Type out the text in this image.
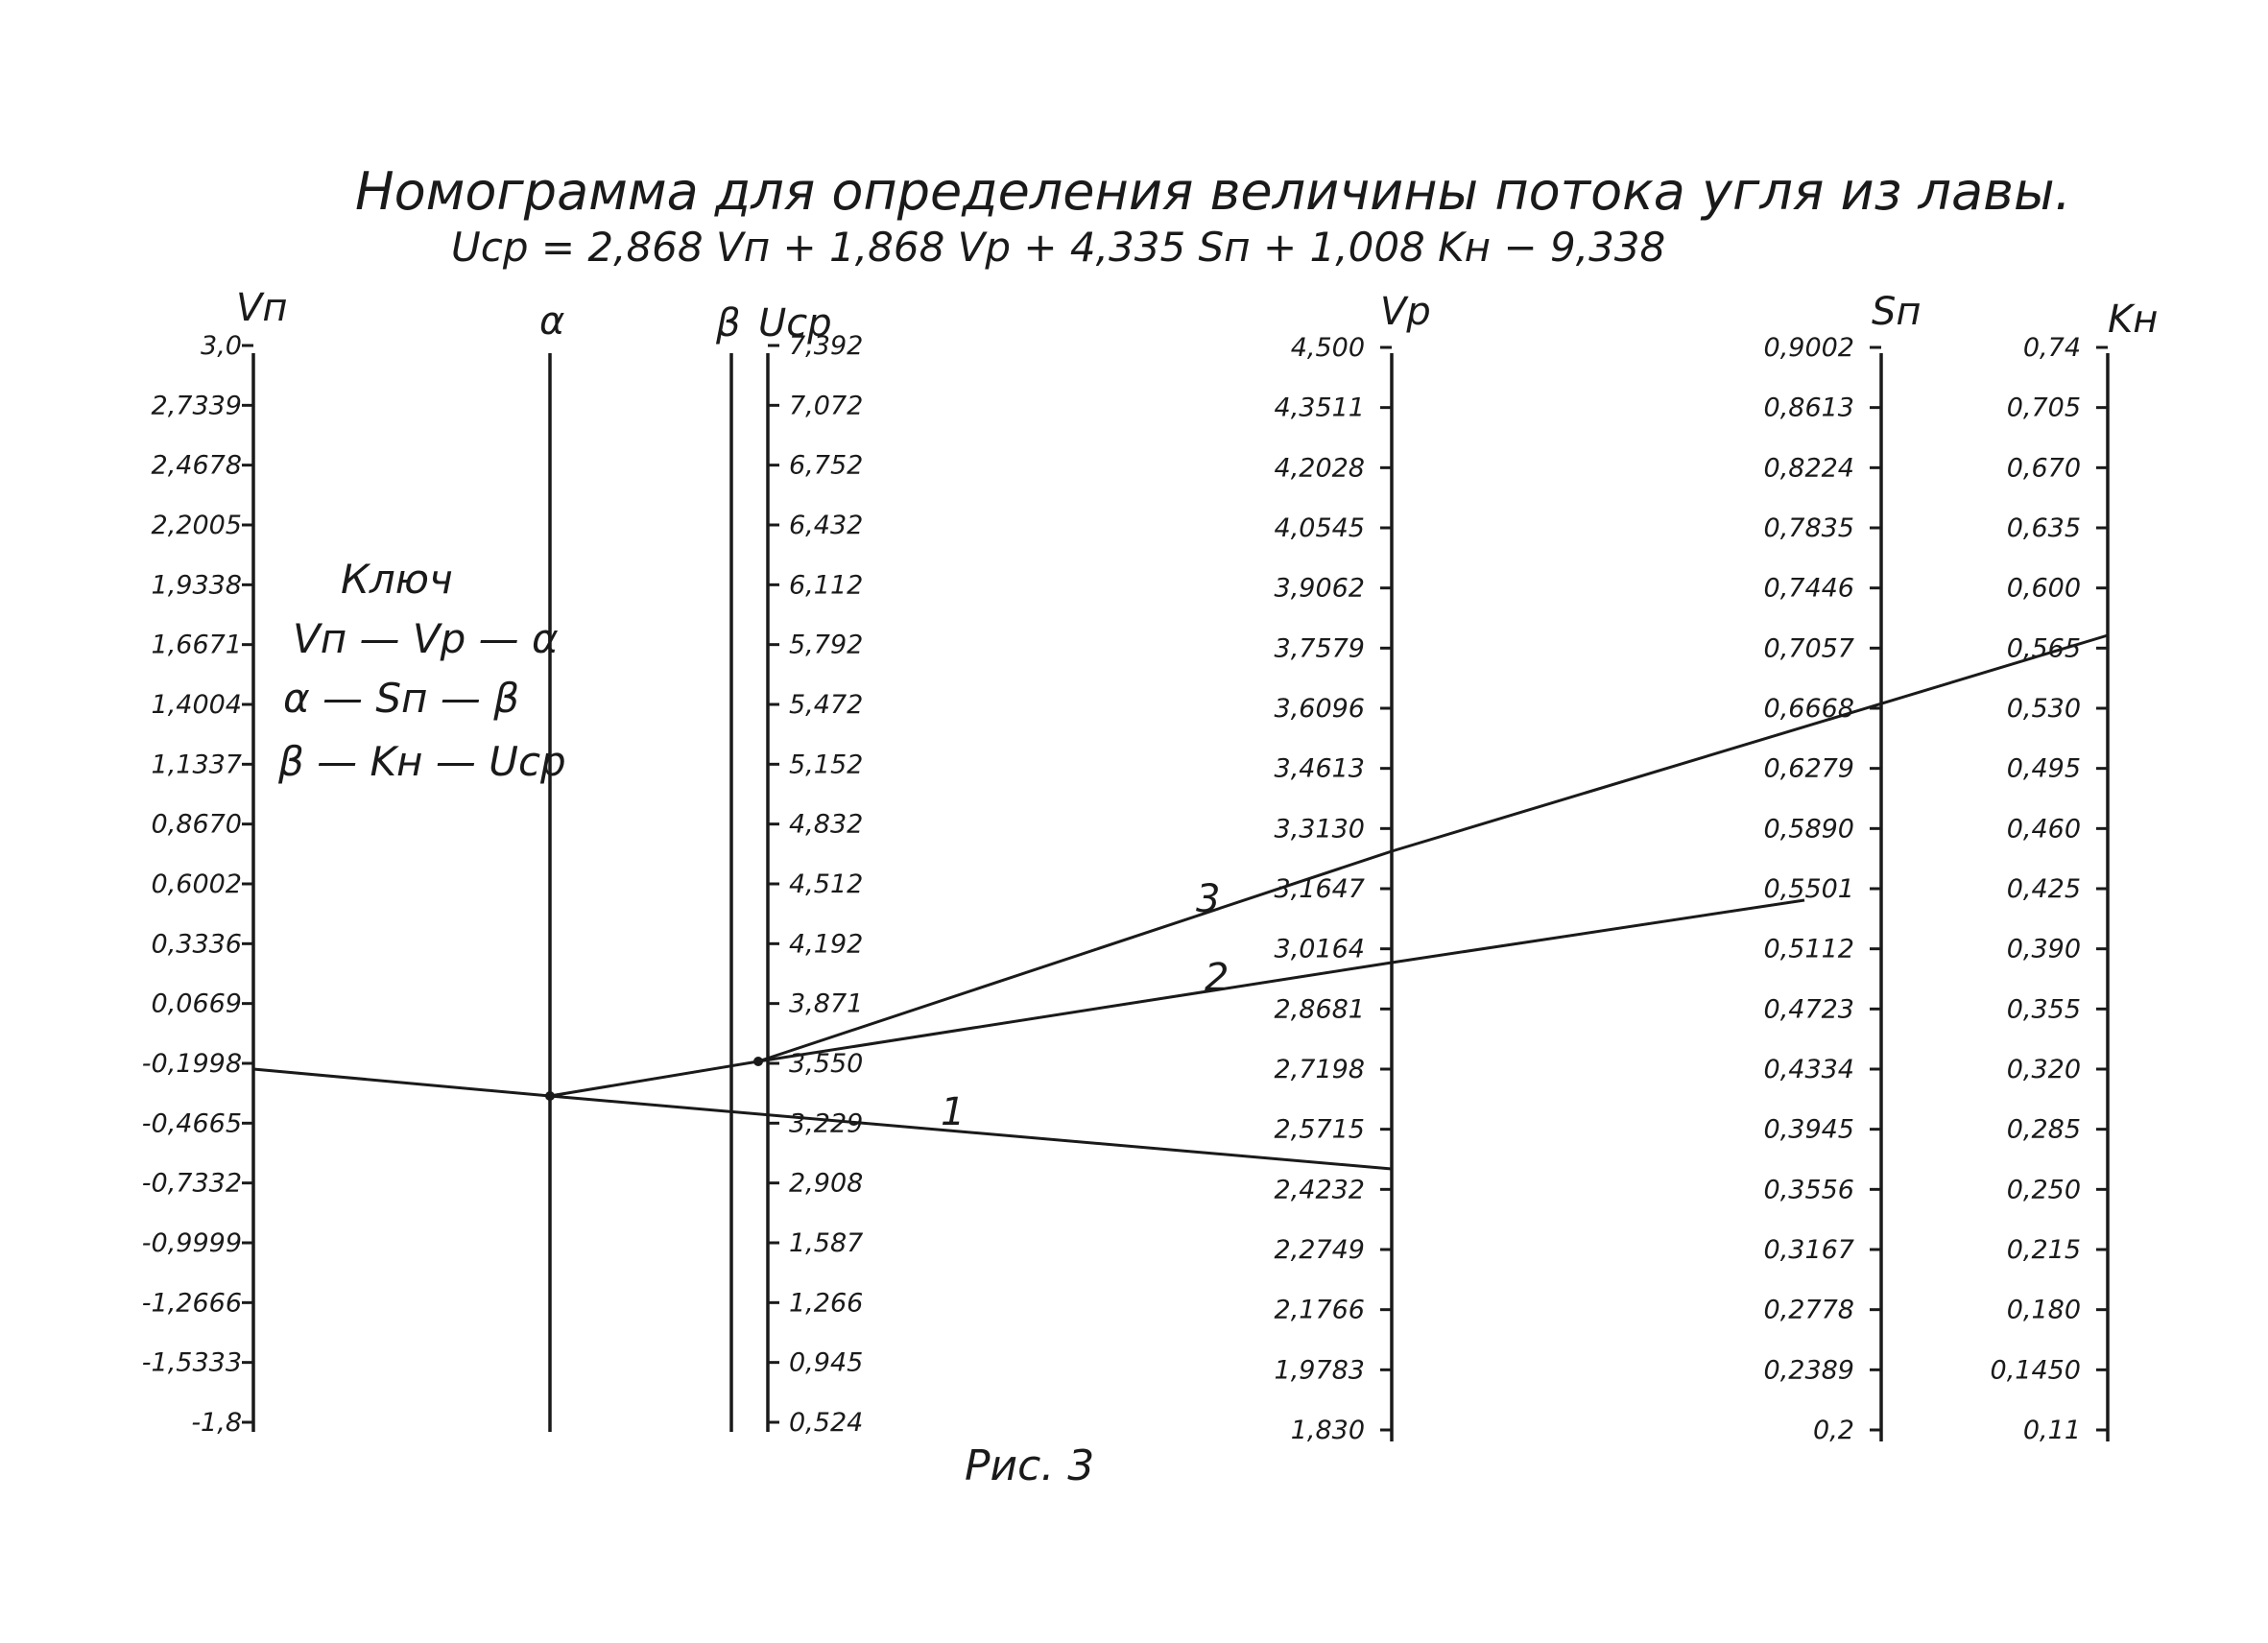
Номограмма для определения величины потока угля из лавы.
Uср = 2,868 Vп + 1,868 Vр + 4,335 Sп + 1,008 Kн − 9,338
Vп	α	β Uср	Vр	Sп	Kн
3,0
2,7339
2,4678
2,2005
1,9338
1,6671
1,4004
1,1337
0,8670
0,6002
0,3336
0,0669
-0,1998
-0,4665
-0,7332
-0,9999
-1,2666
-1,5333
-1,8
7,392
7,072
6,752
6,432
6,112
5,792
5,472
5,152
4,832
4,512
4,192
3,871
3,550
3,229
2,908
1,587
1,266
0,945
0,524
4,500
4,3511
4,2028
4,0545
3,9062
3,7579
3,6096
3,4613
3,3130
3,1647
3,0164
2,8681
2,7198
2,5715
2,4232
2,2749
2,1766
1,9783
1,830
0,9002
0,8613
0,8224
0,7835
0,7446
0,7057
0,6668
0,6279
0,5890
0,5501
0,5112
0,4723
0,4334
0,3945
0,3556
0,3167
0,2778
0,2389
0,2
0,74
0,705
0,670
0,635
0,600
0,565
0,530
0,495
0,460
0,425
0,390
0,355
0,320
0,285
0,250
0,215
0,180
0,1450
0,11
Ключ
Vп — Vр — α
α — Sп — β
β — Kн — Uср
1
2
3
Рис. 3
